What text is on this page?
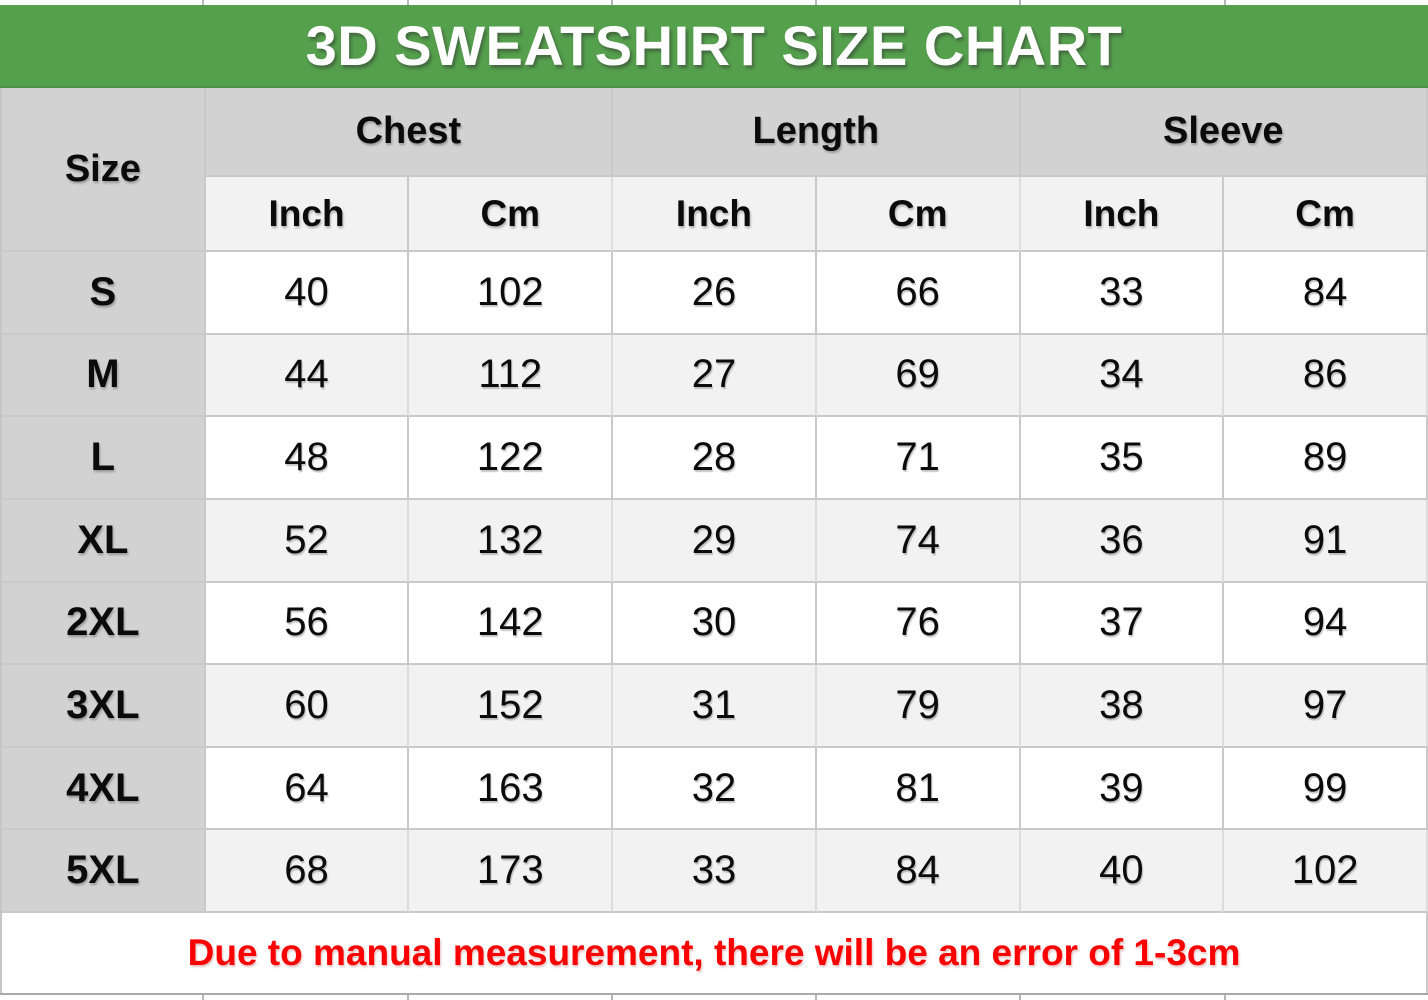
3D SWEATSHIRT SIZE CHART
Size	Chest		Length		Sleeve	
	Inch	Cm	Inch	Cm	Inch	Cm
S	40	102	26	66	33	84
M	44	112	27	69	34	86
L	48	122	28	71	35	89
XL	52	132	29	74	36	91
2XL	56	142	30	76	37	94
3XL	60	152	31	79	38	97
4XL	64	163	32	81	39	99
5XL	68	173	33	84	40	102
Due to manual measurement, there will be an error of 1-3cm
